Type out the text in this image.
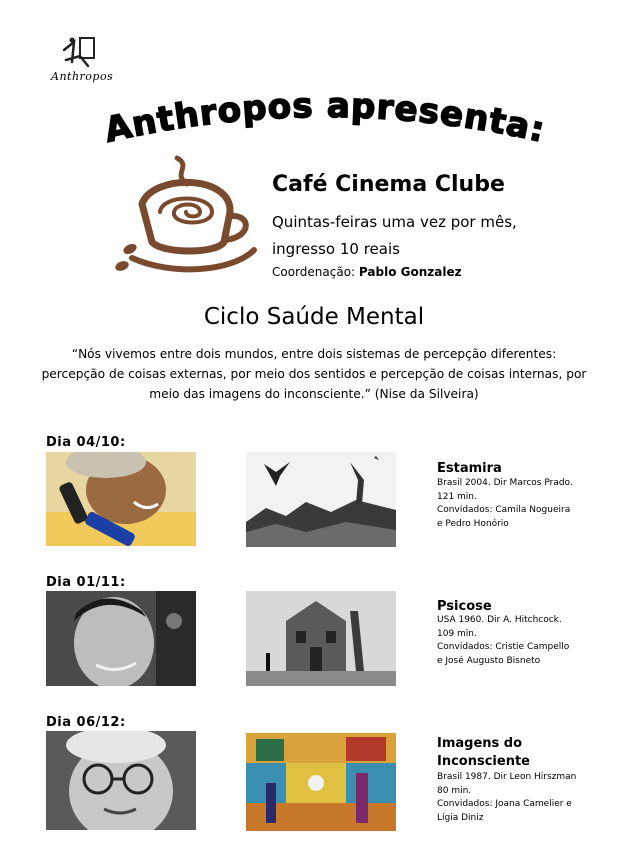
Anthropos
Anthropos apresenta:
Café Cinema Clube
Quintas-feiras uma vez por mês,
ingresso 10 reais
Coordenação: Pablo Gonzalez
Ciclo Saúde Mental
“Nós vivemos entre dois mundos, entre dois sistemas de percepção diferentes: percepção de coisas externas, por meio dos sentidos e percepção de coisas internas, por meio das imagens do inconsciente.” (Nise da Silveira)
Dia 04/10:
Estamira
Brasil 2004. Dir Marcos Prado.
121 min.
Convidados: Camila Nogueira
e Pedro Honório
Dia 01/11:
Psicose
USA 1960. Dir A. Hitchcock.
109 min.
Convidados: Cristie Campello
e José Augusto Bisneto
Dia 06/12:
Imagens do
Inconsciente
Brasil 1987. Dir Leon Hirszman
80 min.
Convidados: Joana Camelier e
Lígia Diniz
